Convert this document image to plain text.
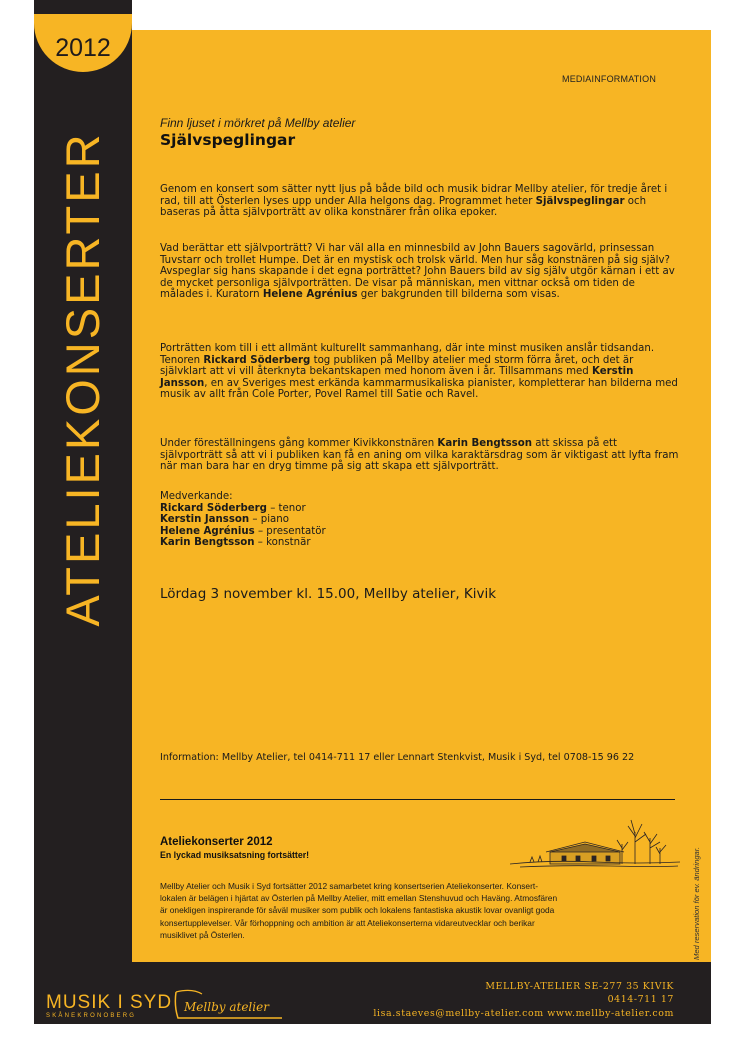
2012
ATELIEKONSERTER
MEDIAINFORMATION
Finn ljuset i mörkret på Mellby atelier
Självspeglingar
Genom en konsert som sätter nytt ljus på både bild och musik bidrar Mellby atelier, för tredje året i rad, till att Österlen lyses upp under Alla helgons dag. Programmet heter Självspeglingar och baseras på åtta självporträtt av olika konstnärer från olika epoker.
Vad berättar ett självporträtt? Vi har väl alla en minnesbild av John Bauers sagovärld, prinsessan Tuvstarr och trollet Humpe. Det är en mystisk och trolsk värld. Men hur såg konstnären på sig själv? Avspeglar sig hans skapande i det egna porträttet? John Bauers bild av sig själv utgör kärnan i ett av de mycket personliga självporträtten. De visar på människan, men vittnar också om tiden de målades i. Kuratorn Helene Agrénius ger bakgrunden till bilderna som visas.
Porträtten kom till i ett allmänt kulturellt sammanhang, där inte minst musiken anslår tidsandan. Tenoren Rickard Söderberg tog publiken på Mellby atelier med storm förra året, och det är självklart att vi vill återknyta bekantskapen med honom även i år. Tillsammans med Kerstin Jansson, en av Sveriges mest erkända kammarmusikaliska pianister, kompletterar han bilderna med musik av allt från Cole Porter, Povel Ramel till Satie och Ravel.
Under föreställningens gång kommer Kivikkonstnären Karin Bengtsson att skissa på ett självporträtt så att vi i publiken kan få en aning om vilka karaktärsdrag som är viktigast att lyfta fram när man bara har en dryg timme på sig att skapa ett självporträtt.
Medverkande:
Rickard Söderberg – tenor
Kerstin Jansson – piano
Helene Agrénius – presentatör
Karin Bengtsson – konstnär
Lördag 3 november kl. 15.00, Mellby atelier, Kivik
Information: Mellby Atelier, tel 0414-711 17 eller Lennart Stenkvist, Musik i Syd, tel 0708-15 96 22
Ateliekonserter 2012
En lyckad musiksatsning fortsätter!
Mellby Atelier och Musik i Syd fortsätter 2012 samarbetet kring konsertserien Ateliekonserter. Konsert-
lokalen är belägen i hjärtat av Österlen på Mellby Atelier, mitt emellan Stenshuvud och Haväng. Atmosfären
är onekligen inspirerande för såväl musiker som publik och lokalens fantastiska akustik lovar ovanligt goda
konsertupplevelser. Vår förhoppning och ambition är att Ateliekonserterna vidareutvecklar och berikar
musiklivet på Österlen.	Med reservation för ev. ändringar.
MUSIK I SYD
SKÅNEKRONOBERG
Mellby atelier
MELLBY-ATELIER SE-277 35 KIVIK
0414-711 17
lisa.staeves@mellby-atelier.com www.mellby-atelier.com
